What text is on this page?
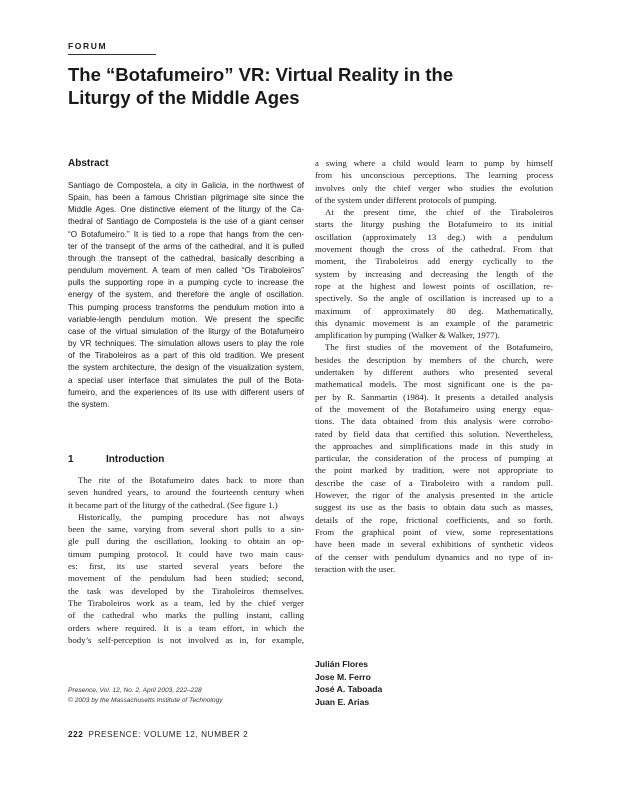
FORUM
The “Botafumeiro” VR: Virtual Reality in the
Liturgy of the Middle Ages
Abstract
Santiago de Compostela, a city in Galicia, in the northwest of
Spain, has been a famous Christian pilgrimage site since the
Middle Ages. One distinctive element of the liturgy of the Ca-
thedral of Santiago de Compostela is the use of a giant censer
“O Botafumeiro.” It is tied to a rope that hangs from the cen-
ter of the transept of the arms of the cathedral, and it is pulled
through the transept of the cathedral, basically describing a
pendulum movement. A team of men called “Os Tiraboleiros”
pulls the supporting rope in a pumping cycle to increase the
energy of the system, and therefore the angle of oscillation.
This pumping process transforms the pendulum motion into a
variable-length pendulum motion. We present the specific
case of the virtual simulation of the liturgy of the Botafumeiro
by VR techniques. The simulation allows users to play the role
of the Tiraboleiros as a part of this old tradition. We present
the system architecture, the design of the visualization system,
a special user interface that simulates the pull of the Bota-
fumeiro, and the experiences of its use with different users of
the system.
1	Introduction
The rite of the Botafumeiro dates back to more than
seven hundred years, to around the fourteenth century when
it became part of the liturgy of the cathedral. (See figure 1.)
Historically, the pumping procedure has not always
been the same, varying from several short pulls to a sin-
gle pull during the oscillation, looking to obtain an op-
timum pumping protocol. It could have two main caus-
es: first, its use started several years before the
movement of the pendulum had been studied; second,
the task was developed by the Tiraboleiros themselves.
The Tiraboleiros work as a team, led by the chief verger
of the cathedral who marks the pulling instant, calling
orders where required. It is a team effort, in which the
body’s self-perception is not involved as in, for example,
a swing where a child would learn to pump by himself
from his unconscious perceptions. The learning process
involves only the chief verger who studies the evolution
of the system under different protocols of pumping.
At the present time, the chief of the Tiraboleiros
starts the liturgy pushing the Botafumeiro to its initial
oscillation (approximately 13 deg.) with a pendulum
movement though the cross of the cathedral. From that
moment, the Tiraboleiros add energy cyclically to the
system by increasing and decreasing the length of the
rope at the highest and lowest points of oscillation, re-
spectively. So the angle of oscillation is increased up to a
maximum of approximately 80 deg. Mathematically,
this dynamic movement is an example of the parametric
amplification by pumping (Walker & Walker, 1977).
The first studies of the movement of the Botafumeiro,
besides the description by members of the church, were
undertaken by different authors who presented several
mathematical models. The most significant one is the pa-
per by R. Sanmartin (1984). It presents a detailed analysis
of the movement of the Botafumeiro using energy equa-
tions. The data obtained from this analysis were corrobo-
rated by field data that certified this solution. Nevertheless,
the approaches and simplifications made in this study in
particular, the consideration of the process of pumping at
the point marked by tradition, were not appropriate to
describe the case of a Tiraboleiro with a random pull.
However, the rigor of the analysis presented in the article
suggest its use as the basis to obtain data such as masses,
details of the rope, frictional coefficients, and so forth.
From the graphical point of view, some representations
have been made in several exhibitions of synthetic videos
of the censer with pendulum dynamics and no type of in-
teraction with the user.
Presence, Vol. 12, No. 2, April 2003, 222–228
© 2003 by the Massachusetts Institute of Technology
Julián Flores
Jose M. Ferro
José A. Taboada
Juan E. Arias
222 PRESENCE: VOLUME 12, NUMBER 2
